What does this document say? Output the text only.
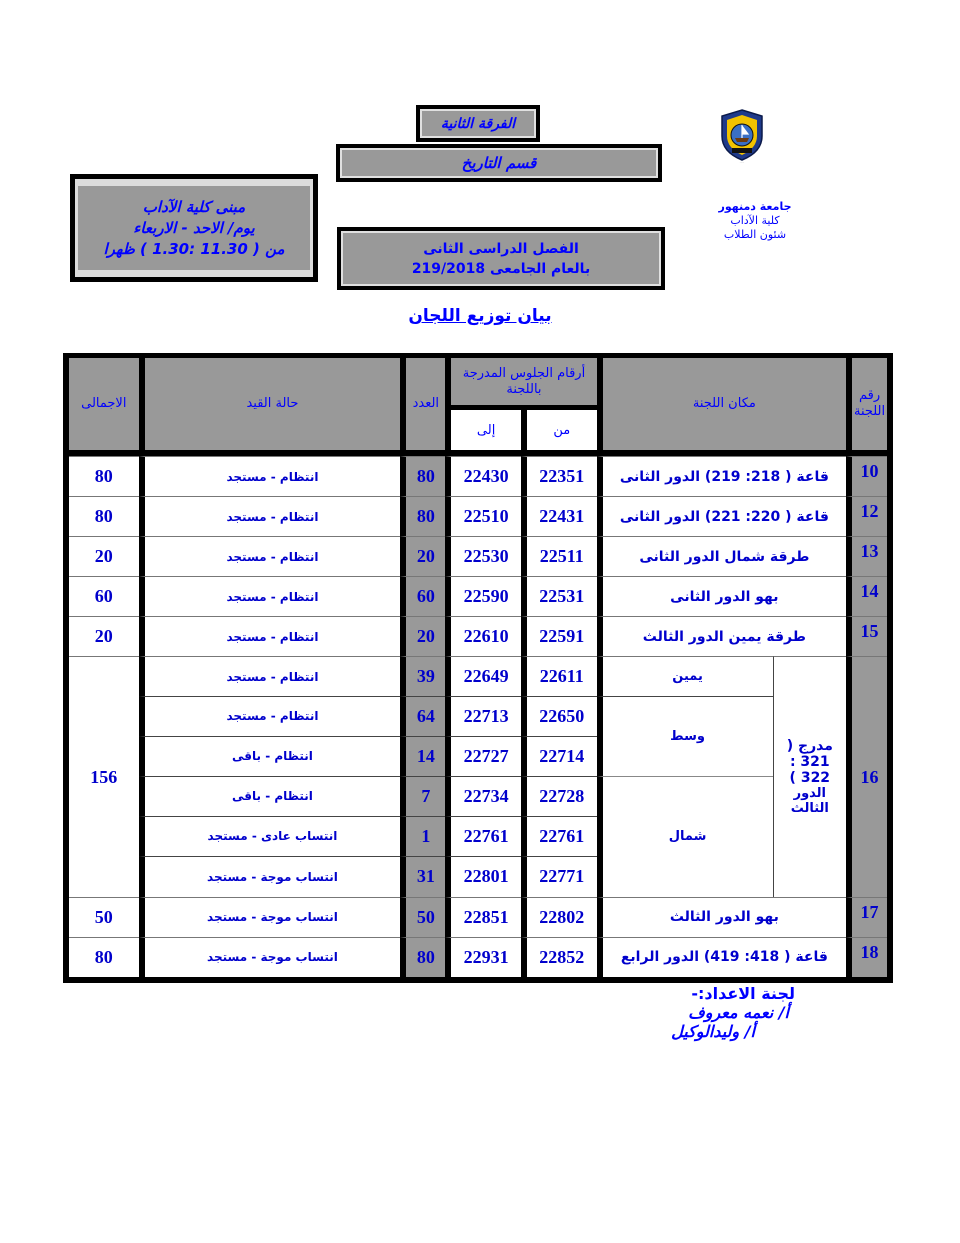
الفرقة الثانية
قسم التاريخ
مبنى كلية الآداب
يوم/ الاحد - الاربعاء
من ( 11.30 :1.30 ) ظهرا	الفصل الدراسى الثانى
بالعام الجامعى 219/2018
·····
جامعة دمنهور
كلية الآداب
شئون الطلاب
بيان توزيع اللجان
رقم اللجنة	مكان اللجنة		أرقام الجلوس المدرجة باللجنة		العدد	حالة القيد	الاجمالى
			من	إلى			

10	قاعة ( 218: 219) الدور الثانى		22351	22430	80	انتظام - مستجد	80
12	قاعة ( 220: 221) الدور الثانى		22431	22510	80	انتظام - مستجد	80
13	طرقة شمال الدور الثانى		22511	22530	20	انتظام - مستجد	20
14	بهو الدور الثانى		22531	22590	60	انتظام - مستجد	60
15	طرقة يمين الدور الثالث		22591	22610	20	انتظام - مستجد	20
16	مدرج ( 321 : 322 )
الدور الثالث	يمين	22611	22649	39	انتظام - مستجد	156
		وسط	22650	22713	64	انتظام - مستجد	
			22714	22727	14	انتظام - باقى	
		شمال	22728	22734	7	انتظام - باقى	
			22761	22761	1	انتساب عادى - مستجد	
			22771	22801	31	انتساب موجة - مستجد	
17	بهو الدور الثالث		22802	22851	50	انتساب موجة - مستجد	50
18	قاعة ( 418: 419) الدور الرابع		22852	22931	80	انتساب موجة - مستجد	80
لجنة الاعداد:-
أ/ نعمه معروف
أ/ وليدالوكيل
